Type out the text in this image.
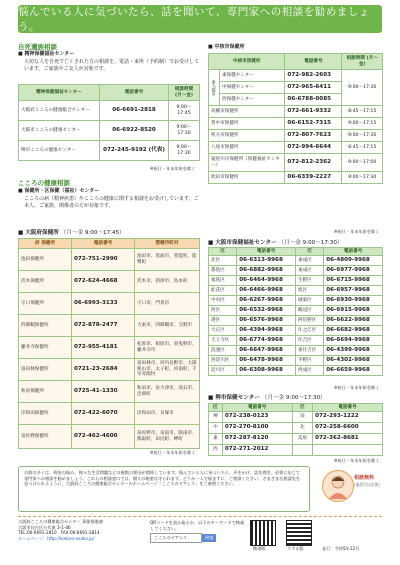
悩んでいる人に気づいたら、話を聞いて、専門家への相談を勧めましょう。
自死遺族相談
■ 精神保健福祉センター
大切な人を自死で亡くされた方の相談を、電話・来所（予約制）でお受けしています。ご家族やご友人が対象です。
精神保健福祉センター	電話番号	相談時間 (月〜金)
大阪府こころの健康総合センター	06-6691-2818	9:00〜17:45
大阪市こころの健康センター	06-6922-8520	9:00〜17:30
堺市こころの健康センター	072-245-9192 (代表)	9:00〜17:30
※祝日・年末年始を除く
こころの健康相談
■ 保健所・区保健（福祉）センター
こころの病（精神疾患）やこころの健康に関する相談をお受けしています。ご本人、ご家族、関係者の方が対象です。
■ 大阪府保健所 （月〜金 9:00〜17:45）
府 保健所	電話番号	管轄市町村
池田保健所	072-751-2990	池田市、箕面市、豊能町、能勢町
茨木保健所	072-624-4668	茨木市、摂津市、島本町
守口保健所	06-6993-3133	守口市、門真市
四條畷保健所	072-878-2477	大東市、四條畷市、交野市
藤井寺保健所	072-955-4181	松原市、柏原市、羽曳野市、藤井寺市
富田林保健所	0721-23-2684	富田林市、河内長野市、大阪狭山市、太子町、河南町、千早赤阪村
和泉保健所	0725-41-1330	和泉市、泉大津市、高石市、忠岡町
岸和田保健所	072-422-6070	岸和田市、貝塚市
泉佐野保健所	072-462-4600	泉佐野市、泉南市、阪南市、熊取町、田尻町、岬町
※祝日・年末年始を除く
■ 中核市保健所
中核市保健所		電話番号	相談時間 (月〜金)
東大阪市	東保健センター	072-982-2603	9:00〜17:30
	中保健センター	072-965-6411	
	西保健センター	06-6788-0085	
高槻市保健所		072-661-9332	8:45〜17:15
豊中市保健所		06-6152-7315	9:00〜17:15
枚方市保健所		072-807-7623	9:00〜17:30
八尾市保健所		072-994-6644	8:45〜17:15
寝屋川市保健所（保健福祉センター）		072-812-2362	9:00〜17:00
吹田市保健所		06-6339-2227	9:00〜17:30
※祝日・年末年始を除く
■ 大阪市保健福祉センター （月〜金 9:00〜17:30）
区	電話番号	区	電話番号
北区	06-6313-9968	東成区	06-4809-9968
都島区	06-6882-9968	東成区	06-6977-9968
福島区	06-6464-9968	生野区	06-6715-9968
此花区	06-6466-9968	旭区	06-6957-9968
中央区	06-6267-9968	城東区	06-6930-9968
西区	06-6532-9968	鶴見区	06-6915-9968
港区	06-6576-9968	阿倍野区	06-6622-9968
大正区	06-4394-9968	住之江区	06-6682-9968
天王寺区	06-6774-9968	住吉区	06-6694-9968
浪速区	06-6647-9968	東住吉区	06-4399-9968
西淀川区	06-6478-9968	平野区	06-4302-9968
淀川区	06-6308-9968	西成区	06-6659-9968
※祝日・年末年始を除く
■ 堺市保健センター （月〜金 9:00〜17:30）
区	電話番号	区	電話番号
堺	072-238-0123	南	072-293-1222
中	072-270-8100	北	072-258-6600
東	072-287-8120	美原	072-362-8681
西	072-271-2012		
※祝日・年末年始を除く
自殺の多くは、病気の悩み、様々な生活問題などの複数の要因が関係しています。悩んでいる人に気づいたら、声をかけ、話を聞き、必要に応じて専門家への相談を勧めましょう。これらの相談窓口では、個人の秘密は守られます。どうか一人で悩まずに、ご相談ください。さまざまな相談先を見つけられるように、大阪府こころの健康総合センターのホームページ「こころのオアシス」をご参照ください。
相談無料
(電話代は必要)
大阪府こころの健康総合センター 事業推進課
大阪市住吉区万代東 3-1-46
TEL:06-6691-2810　FAX:06-6691-2814
ホームページ：http://kokoro-osaka.jp/
QRコードを読み取るか、以下のキーワードで検索してください。
こころのオアシス	検索
携帯版	スマホ版	発行：令和5年12月
